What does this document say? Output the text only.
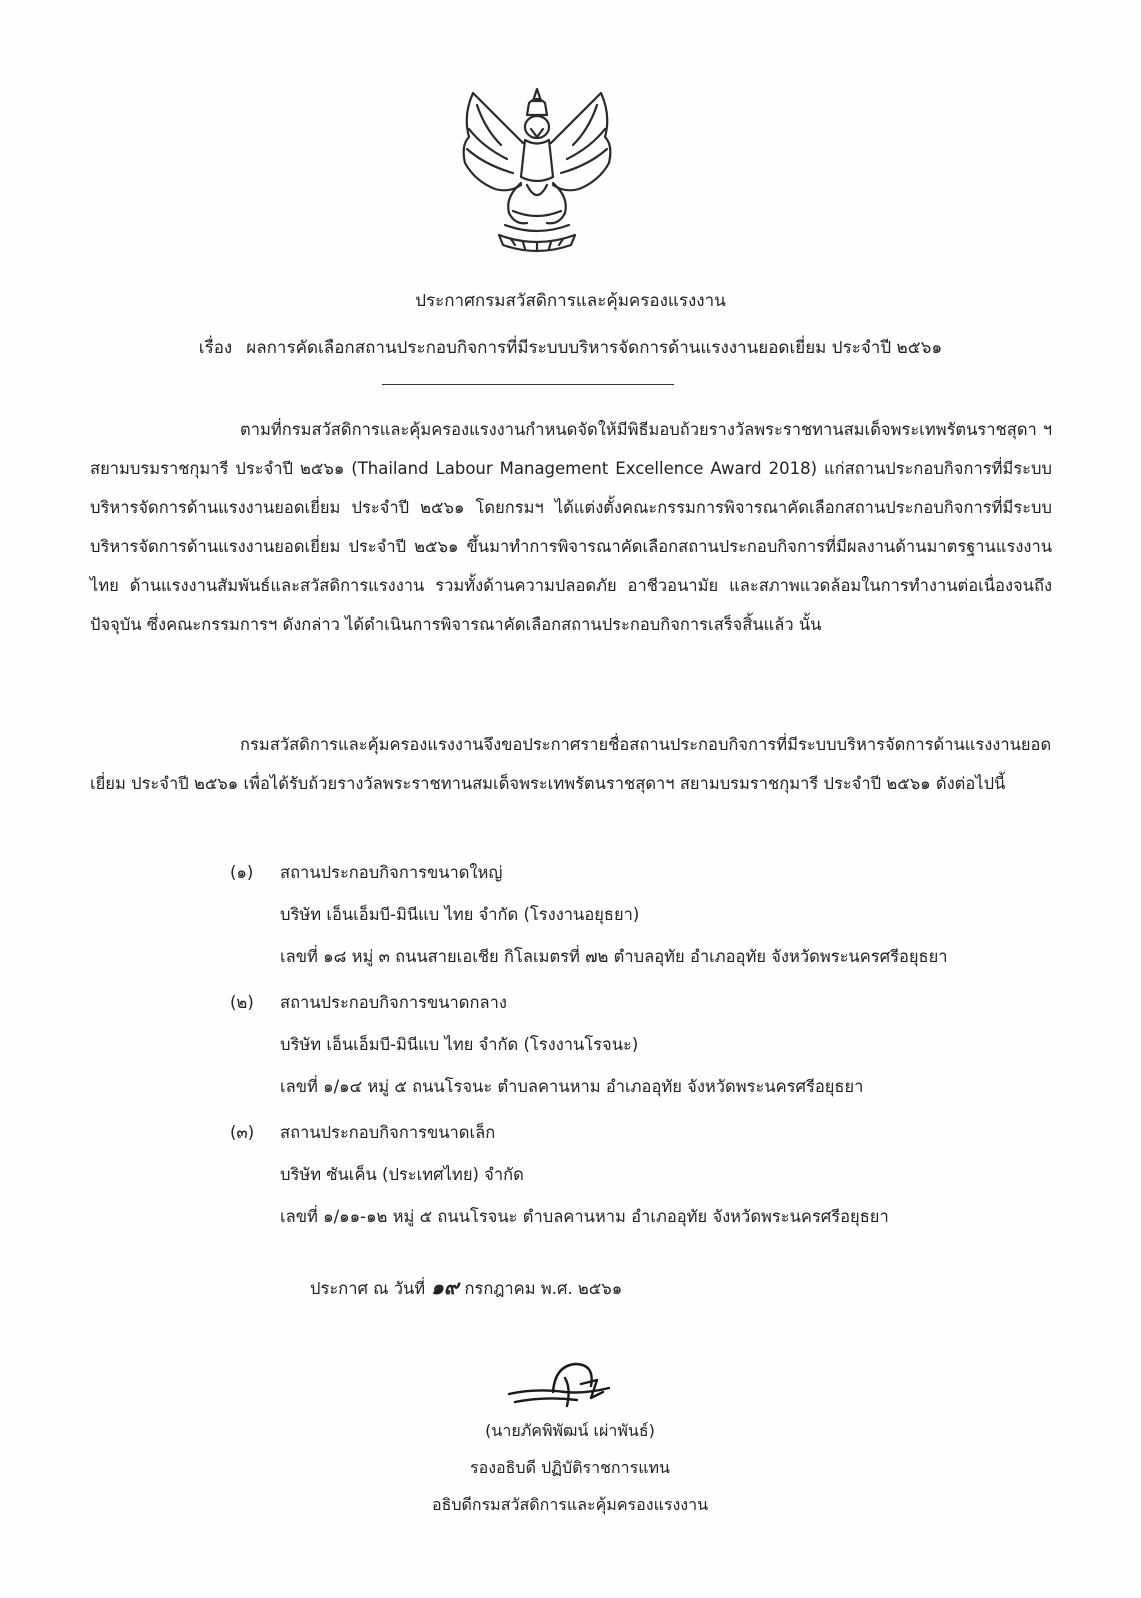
ประกาศกรมสวัสดิการและคุ้มครองแรงงาน
เรื่อง ผลการคัดเลือกสถานประกอบกิจการที่มีระบบบริหารจัดการด้านแรงงานยอดเยี่ยม ประจำปี ๒๕๖๑
ตามที่กรมสวัสดิการและคุ้มครองแรงงานกำหนดจัดให้มีพิธีมอบถ้วยรางวัลพระราชทานสมเด็จพระเทพรัตนราชสุดา ฯ สยามบรมราชกุมารี ประจำปี ๒๕๖๑ (Thailand Labour Management Excellence Award 2018) แก่สถานประกอบกิจการที่มีระบบบริหารจัดการด้านแรงงานยอดเยี่ยม ประจำปี ๒๕๖๑ โดยกรมฯ ได้แต่งตั้งคณะกรรมการพิจารณาคัดเลือกสถานประกอบกิจการที่มีระบบบริหารจัดการด้านแรงงานยอดเยี่ยม ประจำปี ๒๕๖๑ ขึ้นมาทำการพิจารณาคัดเลือกสถานประกอบกิจการที่มีผลงานด้านมาตรฐานแรงงานไทย ด้านแรงงานสัมพันธ์และสวัสดิการแรงงาน รวมทั้งด้านความปลอดภัย อาชีวอนามัย และสภาพแวดล้อมในการทำงานต่อเนื่องจนถึงปัจจุบัน ซึ่งคณะกรรมการฯ ดังกล่าว ได้ดำเนินการพิจารณาคัดเลือกสถานประกอบกิจการเสร็จสิ้นแล้ว นั้น
กรมสวัสดิการและคุ้มครองแรงงานจึงขอประกาศรายชื่อสถานประกอบกิจการที่มีระบบบริหารจัดการด้านแรงงานยอดเยี่ยม ประจำปี ๒๕๖๑ เพื่อได้รับถ้วยรางวัลพระราชทานสมเด็จพระเทพรัตนราชสุดาฯ สยามบรมราชกุมารี ประจำปี ๒๕๖๑ ดังต่อไปนี้
(๑) สถานประกอบกิจการขนาดใหญ่
บริษัท เอ็นเอ็มบี-มินีแบ ไทย จำกัด (โรงงานอยุธยา)
เลขที่ ๑๘ หมู่ ๓ ถนนสายเอเชีย กิโลเมตรที่ ๗๒ ตำบลอุทัย อำเภออุทัย จังหวัดพระนครศรีอยุธยา
(๒) สถานประกอบกิจการขนาดกลาง
บริษัท เอ็นเอ็มบี-มินีแบ ไทย จำกัด (โรงงานโรจนะ)
เลขที่ ๑/๑๔ หมู่ ๕ ถนนโรจนะ ตำบลคานหาม อำเภออุทัย จังหวัดพระนครศรีอยุธยา
(๓) สถานประกอบกิจการขนาดเล็ก
บริษัท ซันเค็น (ประเทศไทย) จำกัด
เลขที่ ๑/๑๑-๑๒ หมู่ ๕ ถนนโรจนะ ตำบลคานหาม อำเภออุทัย จังหวัดพระนครศรีอยุธยา
ประกาศ ณ วันที่ ๑๙ กรกฎาคม พ.ศ. ๒๕๖๑
(นายภัคพิพัฒน์ เผ่าพันธ์)
รองอธิบดี ปฏิบัติราชการแทน
อธิบดีกรมสวัสดิการและคุ้มครองแรงงาน
